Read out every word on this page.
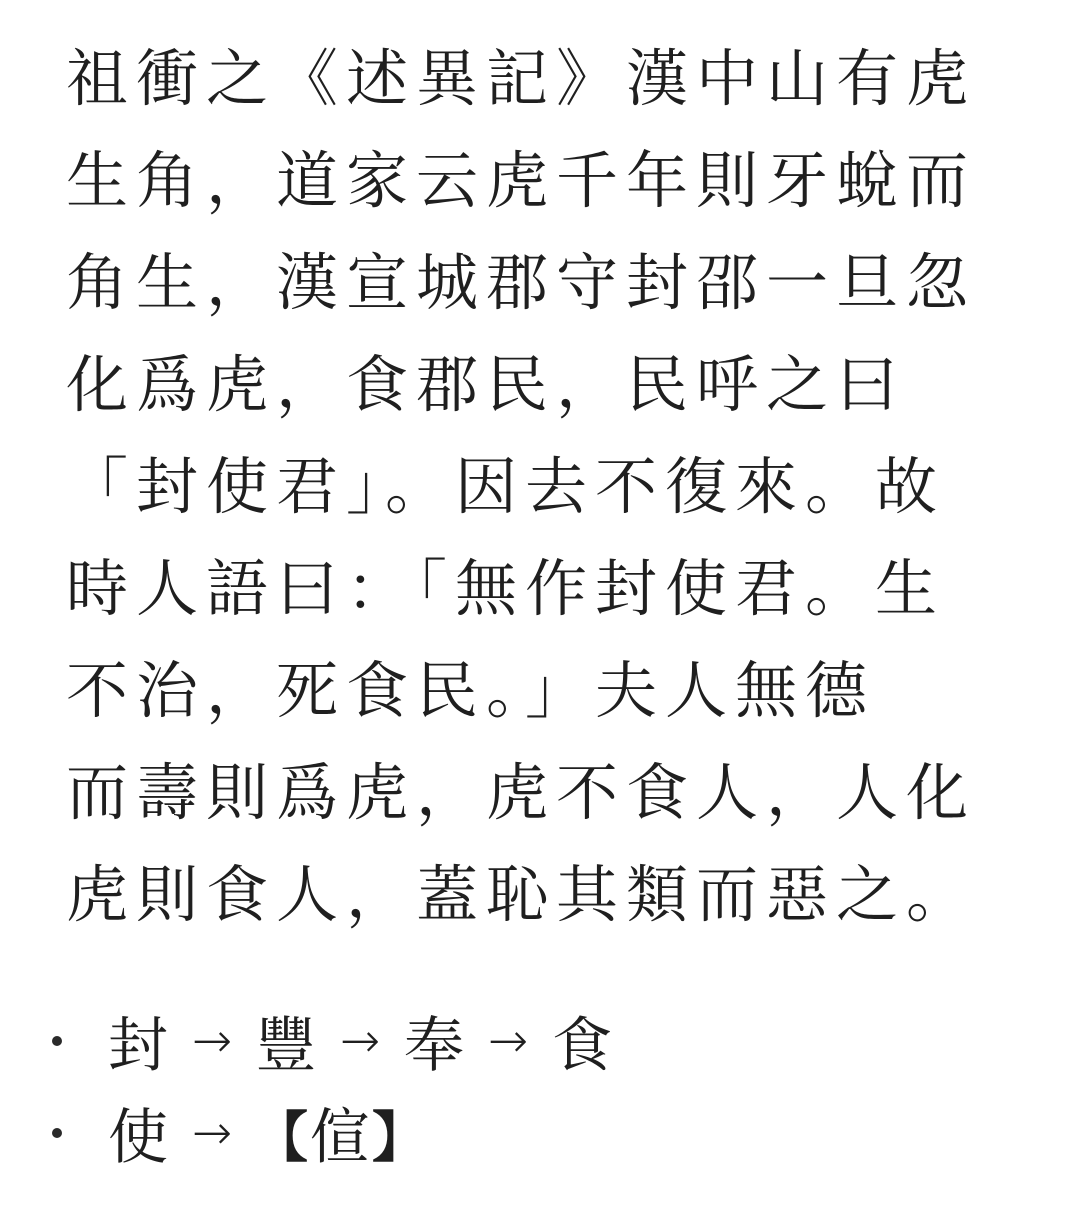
祖衝之《述異記》漢中山有虎
生角，道家云虎千年則牙蛻而
角生，漢宣城郡守封邵一旦忽
化爲虎，食郡民，民呼之曰
「封使君」。因去不復來。故
時人語曰：「無作封使君。生
不治，死食民。」夫人無德
而壽則爲虎，虎不食人，人化
虎則食人，蓋恥其類而惡之。
封 → 豐 → 奉 → 食
使 → 【 𠊿 】
